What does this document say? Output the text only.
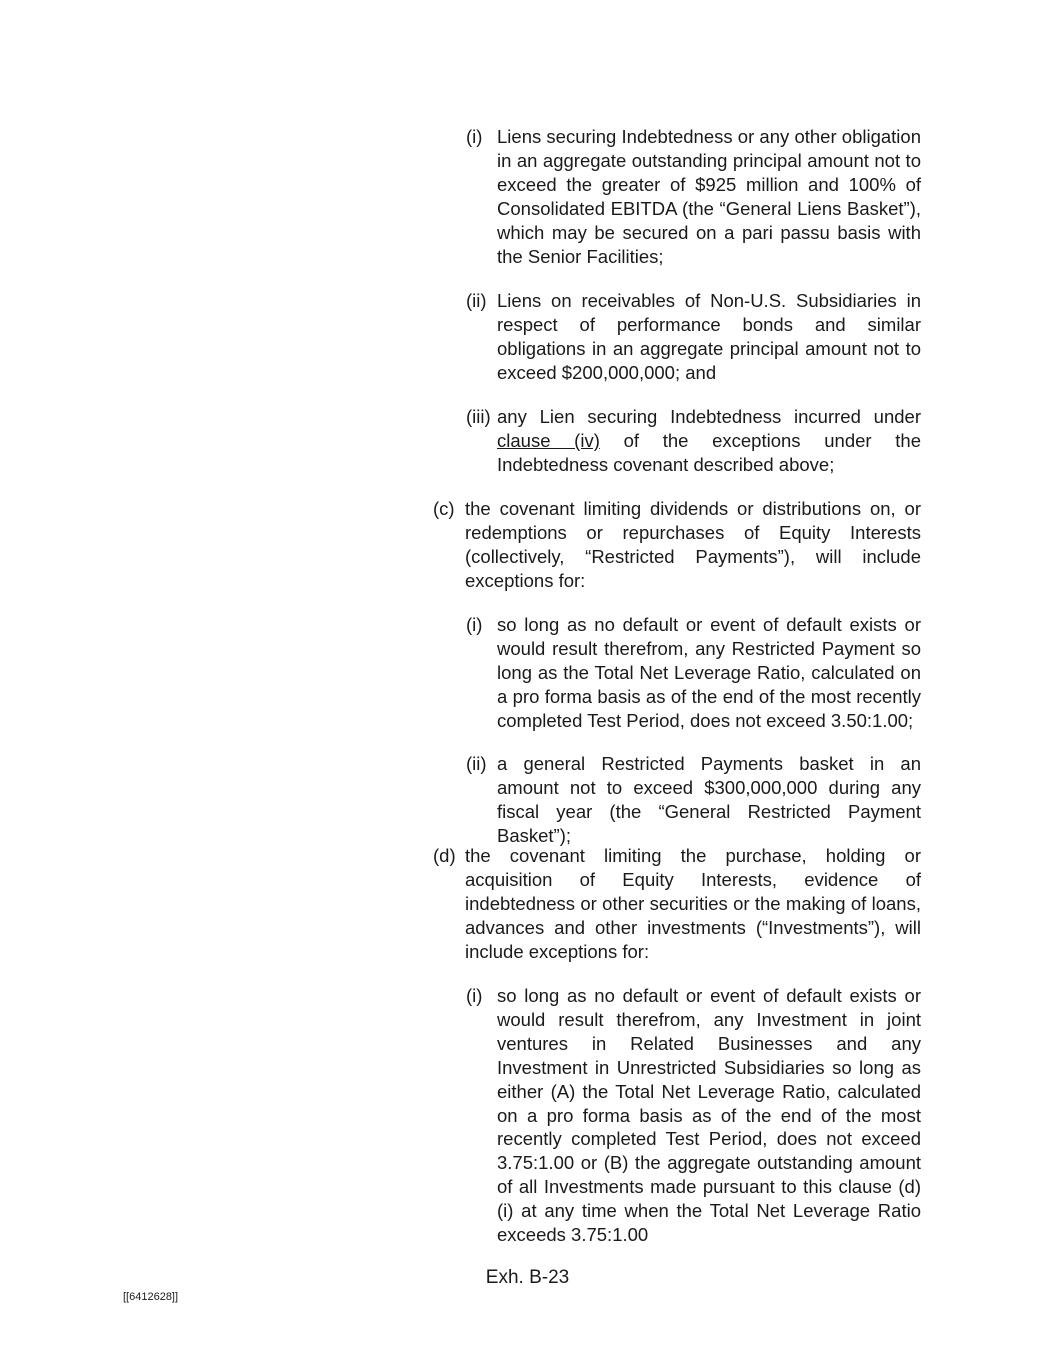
(i) Liens securing Indebtedness or any other obligation in an aggregate outstanding principal amount not to exceed the greater of $925 million and 100% of Consolidated EBITDA (the “General Liens Basket”), which may be secured on a pari passu basis with the Senior Facilities;
(ii) Liens on receivables of Non-U.S. Subsidiaries in respect of performance bonds and similar obligations in an aggregate principal amount not to exceed $200,000,000; and
(iii) any Lien securing Indebtedness incurred under clause (iv) of the exceptions under the Indebtedness covenant described above;
(c) the covenant limiting dividends or distributions on, or redemptions or repurchases of Equity Interests (collectively, “Restricted Payments”), will include exceptions for:
(i) so long as no default or event of default exists or would result therefrom, any Restricted Payment so long as the Total Net Leverage Ratio, calculated on a pro forma basis as of the end of the most recently completed Test Period, does not exceed 3.50:1.00;
(ii) a general Restricted Payments basket in an amount not to exceed $300,000,000 during any fiscal year (the “General Restricted Payment Basket”);
(d) the covenant limiting the purchase, holding or acquisition of Equity Interests, evidence of indebtedness or other securities or the making of loans, advances and other investments (“Investments”), will include exceptions for:
(i) so long as no default or event of default exists or would result therefrom, any Investment in joint ventures in Related Businesses and any Investment in Unrestricted Subsidiaries so long as either (A) the Total Net Leverage Ratio, calculated on a pro forma basis as of the end of the most recently completed Test Period, does not exceed 3.75:1.00 or (B) the aggregate outstanding amount of all Investments made pursuant to this clause (d)(i) at any time when the Total Net Leverage Ratio exceeds 3.75:1.00
Exh. B-23
[[6412628]]
